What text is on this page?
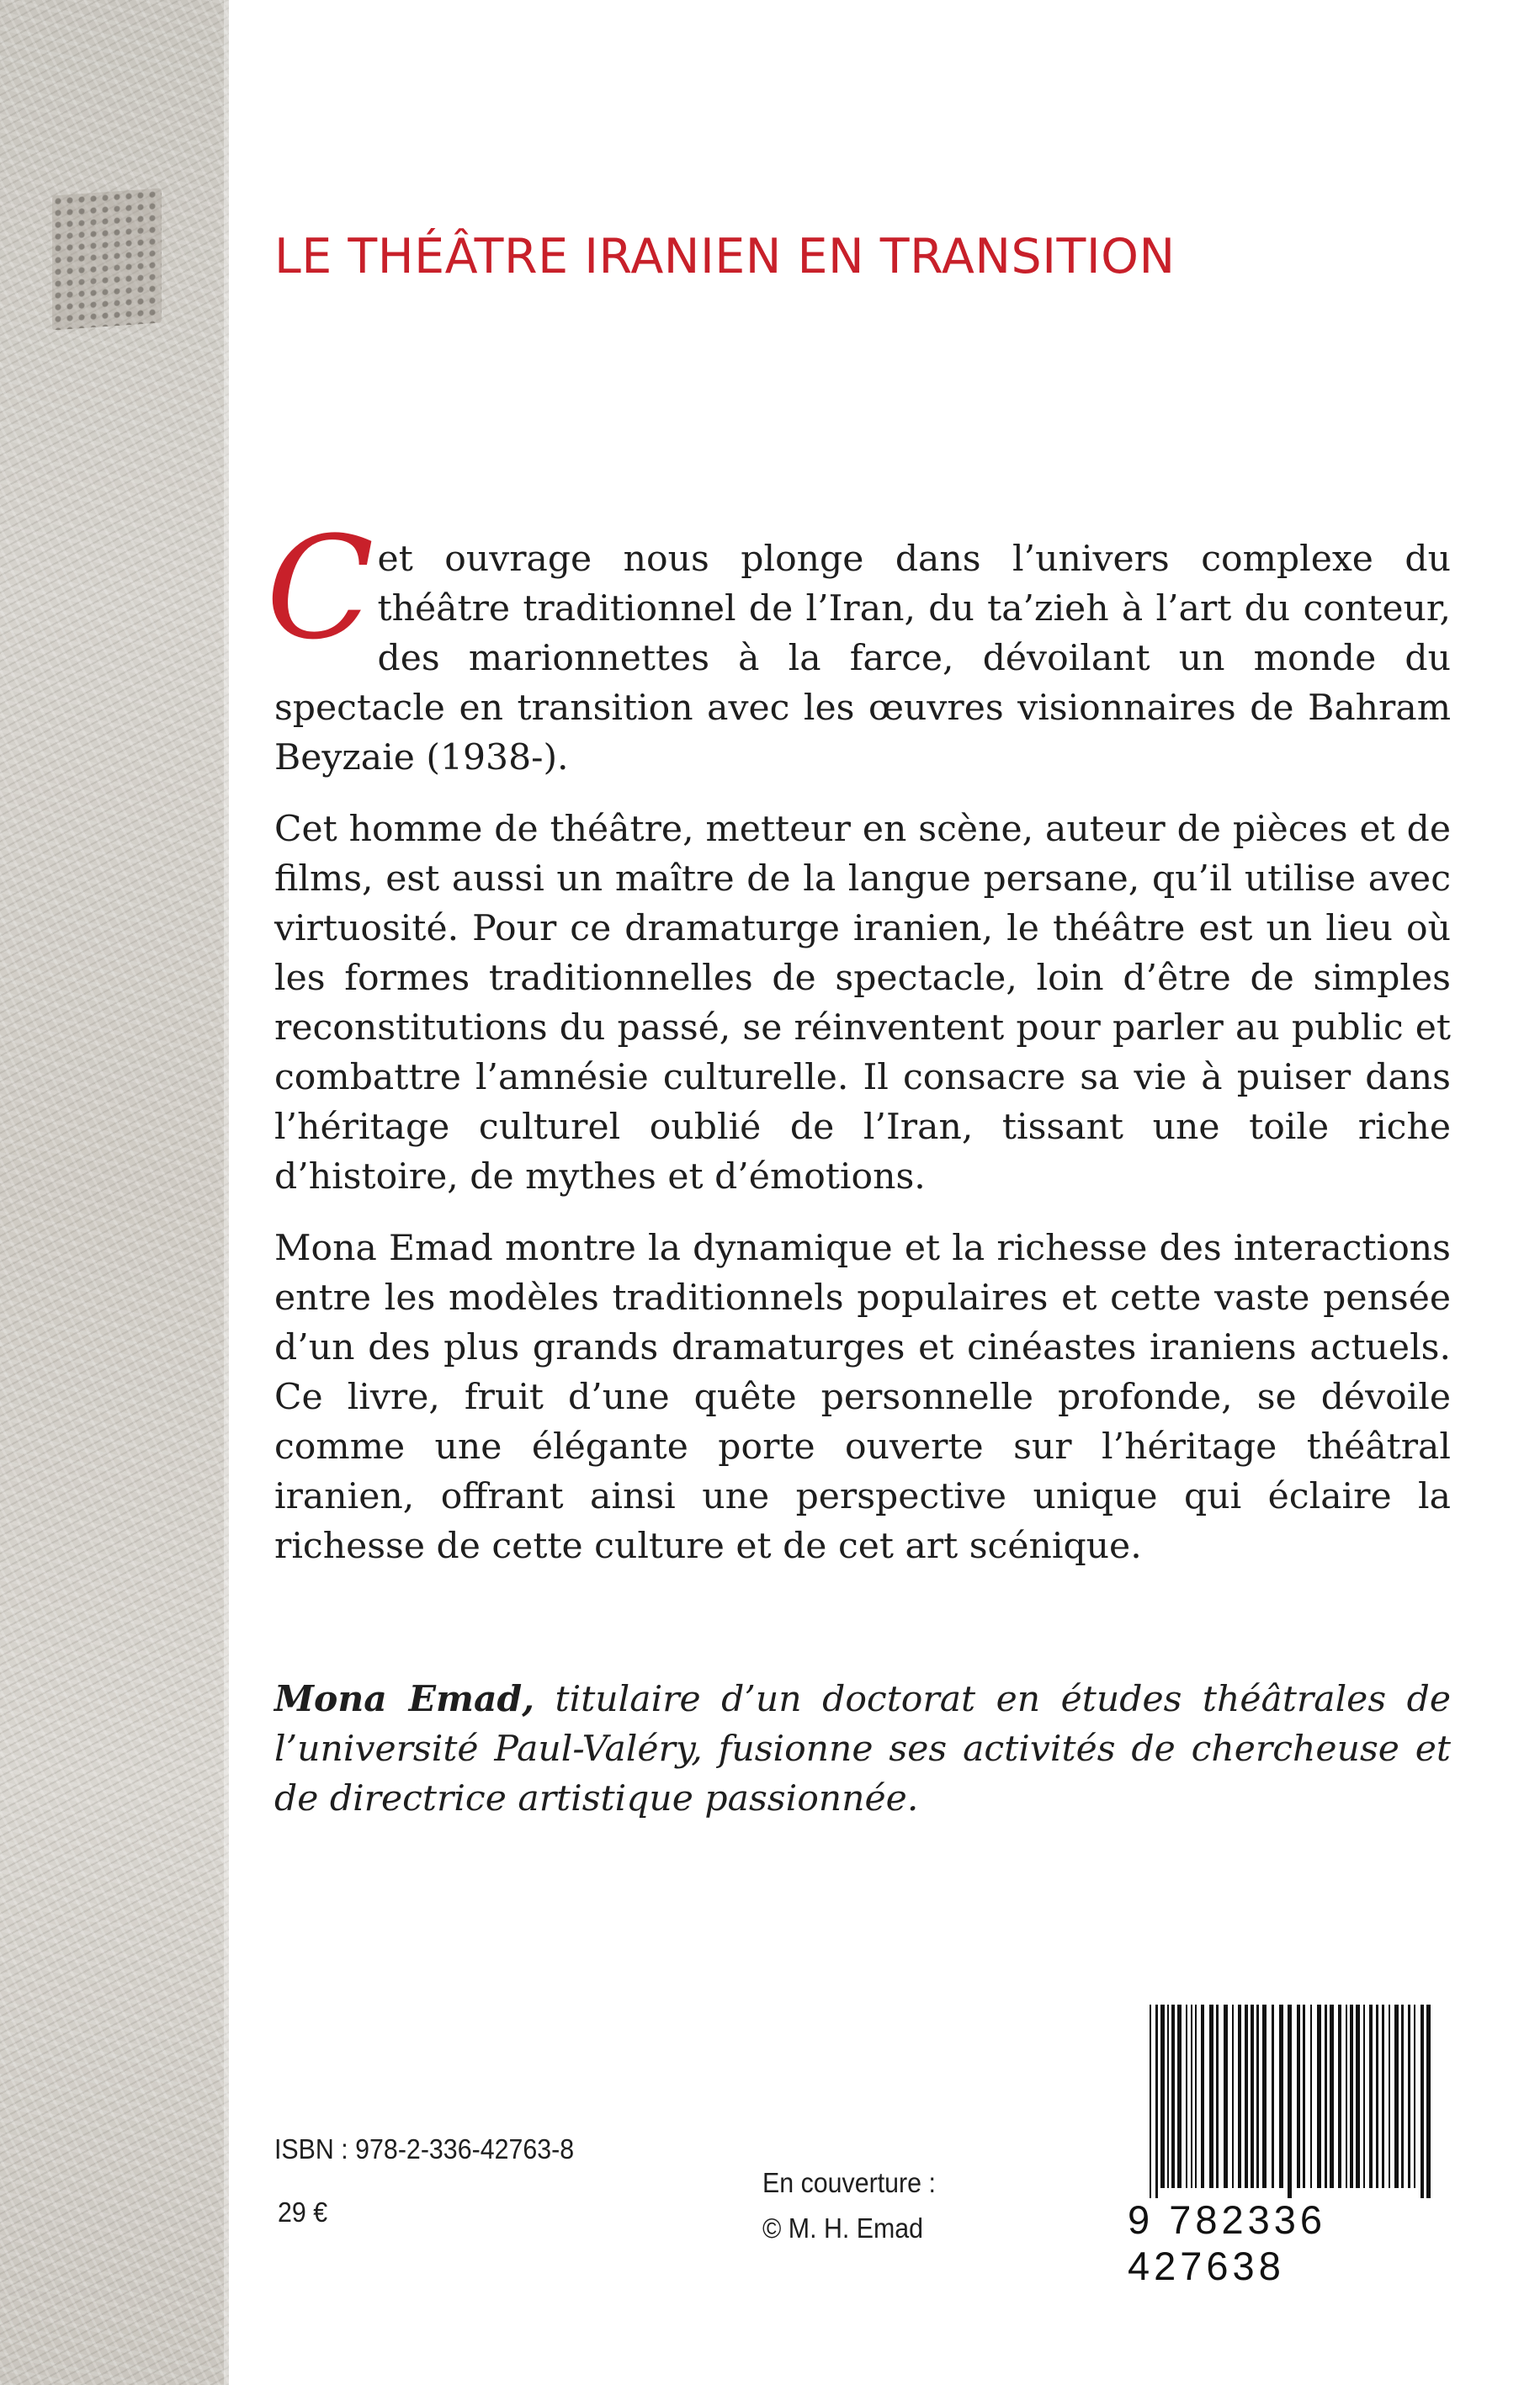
LE THÉÂTRE IRANIEN EN TRANSITION

Cet ouvrage nous plonge dans l’univers complexe du théâtre traditionnel de l’Iran, du ta’zieh à l’art du conteur, des marionnettes à la farce, dévoilant un monde du spectacle en transition avec les œuvres visionnaires de Bahram Beyzaie (1938-).

Cet homme de théâtre, metteur en scène, auteur de pièces et de films, est aussi un maître de la langue persane, qu’il utilise avec virtuosité. Pour ce dramaturge iranien, le théâtre est un lieu où les formes traditionnelles de spectacle, loin d’être de simples reconstitutions du passé, se réinventent pour parler au public et combattre l’amnésie culturelle. Il consacre sa vie à puiser dans l’héritage culturel oublié de l’Iran, tissant une toile riche d’histoire, de mythes et d’émotions.

Mona Emad montre la dynamique et la richesse des interactions entre les modèles traditionnels populaires et cette vaste pensée d’un des plus grands dramaturges et cinéastes iraniens actuels. Ce livre, fruit d’une quête personnelle profonde, se dévoile comme une élégante porte ouverte sur l’héritage théâtral iranien, offrant ainsi une perspective unique qui éclaire la richesse de cette culture et de cet art scénique.

Mona Emad, titulaire d’un doctorat en études théâtrales de l’université Paul-Valéry, fusionne ses activités de chercheuse et de directrice artistique passionnée.

ISBN : 978-2-336-42763-8
29 €
En couverture :
© M. H. Emad	9 782336 427638
